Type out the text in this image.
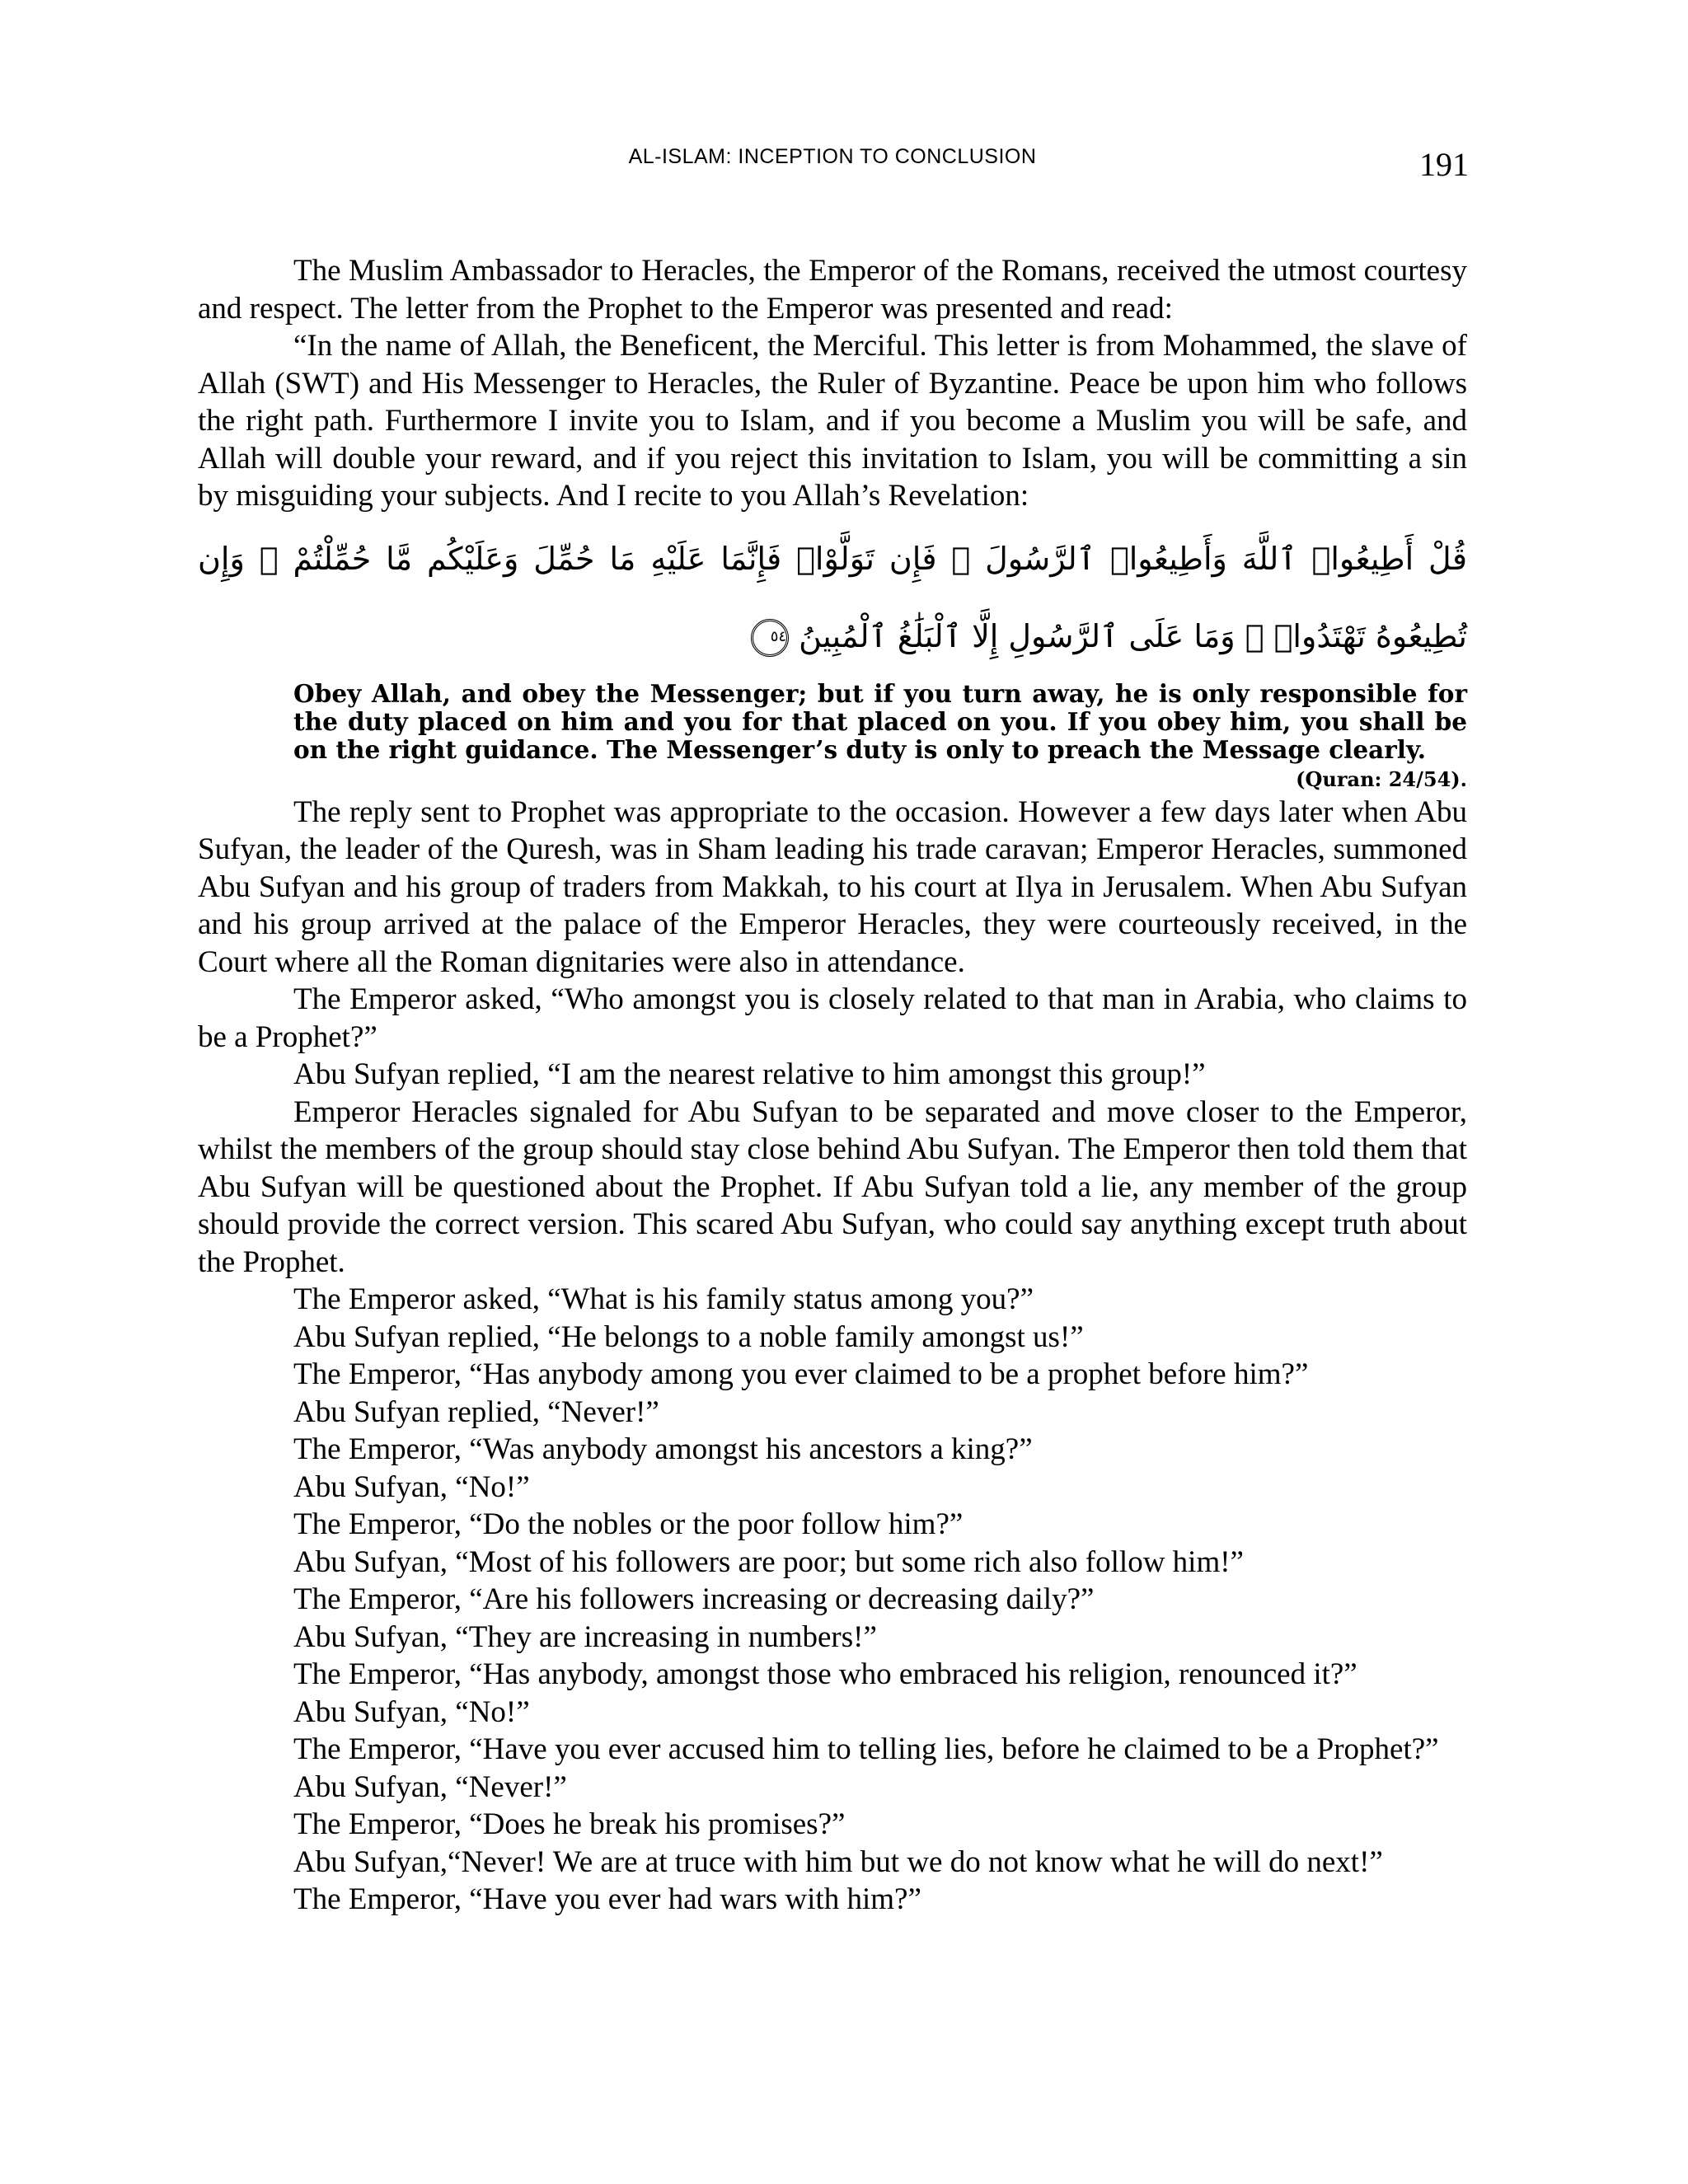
AL-ISLAM: INCEPTION TO CONCLUSION	191

The Muslim Ambassador to Heracles, the Emperor of the Romans, received the utmost courtesy and respect. The letter from the Prophet to the Emperor was presented and read:

“In the name of Allah, the Beneficent, the Merciful. This letter is from Mohammed, the slave of Allah (SWT) and His Messenger to Heracles, the Ruler of Byzantine. Peace be upon him who follows the right path. Furthermore I invite you to Islam, and if you become a Muslim you will be safe, and Allah will double your reward, and if you reject this invitation to Islam, you will be committing a sin by misguiding your subjects. And I recite to you Allah’s Revelation:

قُلْ أَطِيعُوا۟ ٱللَّهَ وَأَطِيعُوا۟ ٱلرَّسُولَ ۖ فَإِن تَوَلَّوْا۟ فَإِنَّمَا عَلَيْهِ مَا حُمِّلَ وَعَلَيْكُم مَّا حُمِّلْتُمْ ۖ وَإِن تُطِيعُوهُ تَهْتَدُوا۟ ۚ وَمَا عَلَى ٱلرَّسُولِ إِلَّا ٱلْبَلَٰغُ ٱلْمُبِينُ ٥٤
Obey Allah, and obey the Messenger; but if you turn away, he is only responsible for the duty placed on him and you for that placed on you. If you obey him, you shall be on the right guidance. The Messenger’s duty is only to preach the Message clearly.
(Quran: 24/54).

The reply sent to Prophet was appropriate to the occasion. However a few days later when Abu Sufyan, the leader of the Quresh, was in Sham leading his trade caravan; Emperor Heracles, summoned Abu Sufyan and his group of traders from Makkah, to his court at Ilya in Jerusalem. When Abu Sufyan and his group arrived at the palace of the Emperor Heracles, they were courteously received, in the Court where all the Roman dignitaries were also in attendance.

The Emperor asked, “Who amongst you is closely related to that man in Arabia, who claims to be a Prophet?”

Abu Sufyan replied, “I am the nearest relative to him amongst this group!”

Emperor Heracles signaled for Abu Sufyan to be separated and move closer to the Emperor, whilst the members of the group should stay close behind Abu Sufyan. The Emperor then told them that Abu Sufyan will be questioned about the Prophet. If Abu Sufyan told a lie, any member of the group should provide the correct version. This scared Abu Sufyan, who could say anything except truth about the Prophet.

The Emperor asked, “What is his family status among you?”

Abu Sufyan replied, “He belongs to a noble family amongst us!”

The Emperor, “Has anybody among you ever claimed to be a prophet before him?”

Abu Sufyan replied, “Never!”

The Emperor, “Was anybody amongst his ancestors a king?”

Abu Sufyan, “No!”

The Emperor, “Do the nobles or the poor follow him?”

Abu Sufyan, “Most of his followers are poor; but some rich also follow him!”

The Emperor, “Are his followers increasing or decreasing daily?”

Abu Sufyan, “They are increasing in numbers!”

The Emperor, “Has anybody, amongst those who embraced his religion, renounced it?”

Abu Sufyan, “No!”

The Emperor, “Have you ever accused him to telling lies, before he claimed to be a Prophet?”

Abu Sufyan, “Never!”

The Emperor, “Does he break his promises?”

Abu Sufyan,“Never! We are at truce with him but we do not know what he will do next!”

The Emperor, “Have you ever had wars with him?”
